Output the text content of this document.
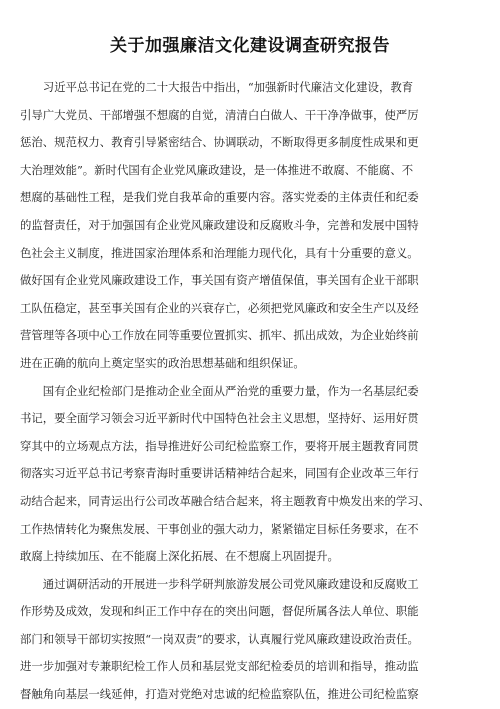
关于加强廉洁文化建设调查研究报告
习近平总书记在党的二十大报告中指出，“加强新时代廉洁文化建设，教育
引导广大党员、干部增强不想腐的自觉，清清白白做人、干干净净做事，使严厉
惩治、规范权力、教育引导紧密结合、协调联动，不断取得更多制度性成果和更
大治理效能”。新时代国有企业党风廉政建设，是一体推进不敢腐、不能腐、不
想腐的基础性工程，是我们党自我革命的重要内容。落实党委的主体责任和纪委
的监督责任，对于加强国有企业党风廉政建设和反腐败斗争，完善和发展中国特
色社会主义制度，推进国家治理体系和治理能力现代化，具有十分重要的意义。
做好国有企业党风廉政建设工作，事关国有资产增值保值，事关国有企业干部职
工队伍稳定，甚至事关国有企业的兴衰存亡，必须把党风廉政和安全生产以及经
营管理等各项中心工作放在同等重要位置抓实、抓牢、抓出成效，为企业始终前
进在正确的航向上奠定坚实的政治思想基础和组织保证。
国有企业纪检部门是推动企业全面从严治党的重要力量，作为一名基层纪委
书记，要全面学习领会习近平新时代中国特色社会主义思想，坚持好、运用好贯
穿其中的立场观点方法，指导推进好公司纪检监察工作，要将开展主题教育同贯
彻落实习近平总书记考察青海时重要讲话精神结合起来，同国有企业改革三年行
动结合起来，同青运出行公司改革融合结合起来，将主题教育中焕发出来的学习、
工作热情转化为聚焦发展、干事创业的强大动力，紧紧锚定目标任务要求，在不
敢腐上持续加压、在不能腐上深化拓展、在不想腐上巩固提升。
通过调研活动的开展进一步科学研判旅游发展公司党风廉政建设和反腐败工
作形势及成效，发现和纠正工作中存在的突出问题，督促所属各法人单位、职能
部门和领导干部切实按照“一岗双责”的要求，认真履行党风廉政建设政治责任。
进一步加强对专兼职纪检工作人员和基层党支部纪检委员的培训和指导，推动监
督触角向基层一线延伸，打造对党绝对忠诚的纪检监察队伍，推进公司纪检监察
